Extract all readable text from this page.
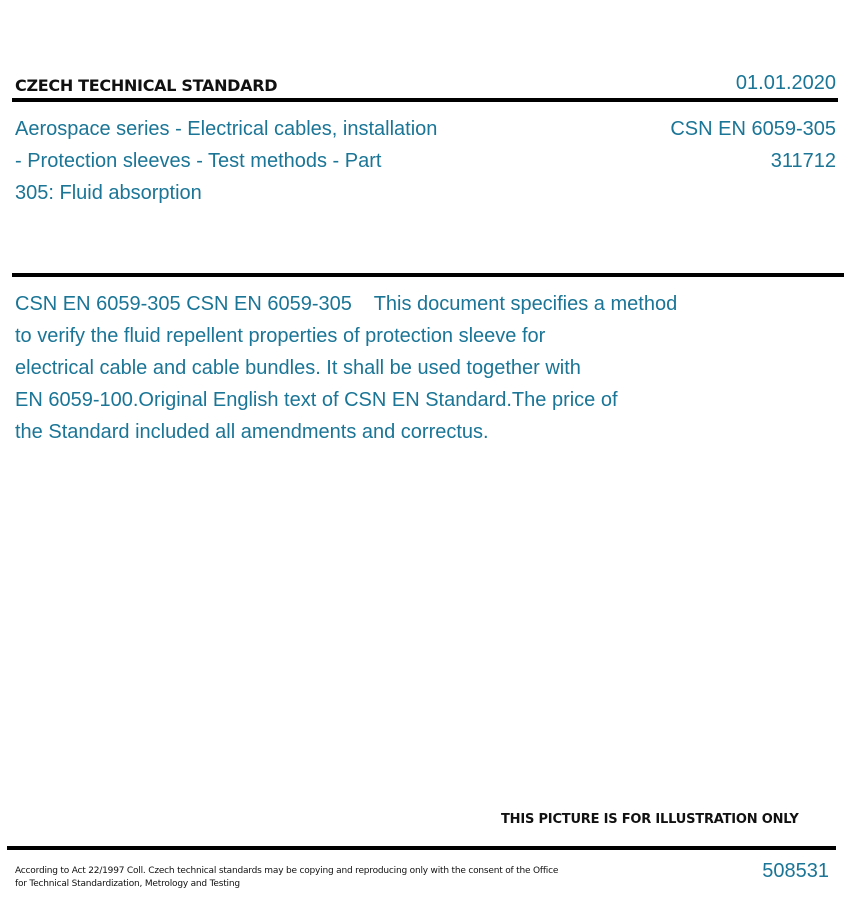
CZECH TECHNICAL STANDARD	01.01.2020
Aerospace series - Electrical cables, installation
- Protection sleeves - Test methods - Part
305: Fluid absorption
CSN EN 6059-305
311712
CSN EN 6059-305 CSN EN 6059-305    This document specifies a method
to verify the fluid repellent properties of protection sleeve for
electrical cable and cable bundles. It shall be used together with
EN 6059-100.Original English text of CSN EN Standard.The price of
the Standard included all amendments and correctus.
THIS PICTURE IS FOR ILLUSTRATION ONLY
According to Act 22/1997 Coll. Czech technical standards may be copying and reproducing only with the consent of the Office
for Technical Standardization, Metrology and Testing
508531
